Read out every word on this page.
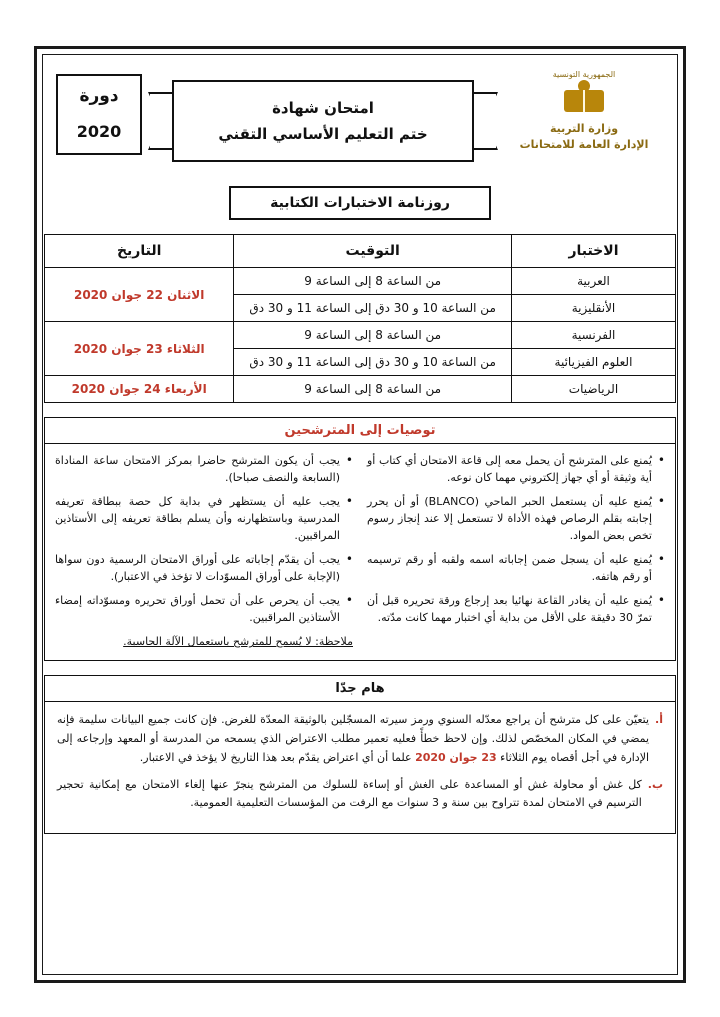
الجمهورية التونسية
وزارة التربية
الإدارة العامة للامتحانات
امتحان شهادة
ختم التعليم الأساسي التقني
دورة
2020
روزنامة الاختبارات الكتابية
الاختبار	التوقيت	التاريخ
العربية	من الساعة 8 إلى الساعة 9	الاثنان 22 جوان 2020
الأنقليزية	من الساعة 10 و 30 دق إلى الساعة 11 و 30 دق	
الفرنسية	من الساعة 8 إلى الساعة 9	الثلاثاء 23 جوان 2020
العلوم الفيزيائية	من الساعة 10 و 30 دق إلى الساعة 11 و 30 دق	
الرياضيات	من الساعة 8 إلى الساعة 9	الأربعاء 24 جوان 2020
توصيات إلى المترشحين
• يُمنع على المترشح أن يحمل معه إلى قاعة الامتحان أي كتاب أو أية وثيقة أو أي جهاز إلكتروني مهما كان نوعه.
• يُمنع عليه أن يستعمل الحبر الماحي (BLANCO) أو أن يحرر إجابته بقلم الرصاص فهذه الأداة لا تستعمل إلا عند إنجاز رسوم تخص بعض المواد.
• يُمنع عليه أن يسجل ضمن إجاباته اسمه ولقبه أو رقم ترسيمه أو رقم هاتفه.
• يُمنع عليه أن يغادر القاعة نهائيا بعد إرجاع ورقة تحريره قبل أن تمرّ 30 دقيقة على الأقل من بداية أي اختبار مهما كانت مدّته.
• يجب أن يكون المترشح حاضرا بمركز الامتحان ساعة المناداة (السابعة والنصف صباحا).
• يجب عليه أن يستظهر في بداية كل حصة ببطاقة تعريفه المدرسية وباستظهارنه وأن يسلم بطاقة تعريفه إلى الأستاذين المراقبين.
• يجب أن يقدّم إجاباته على أوراق الامتحان الرسمية دون سواها (الإجابة على أوراق المسوّدات لا تؤخذ في الاعتبار).
• يجب أن يحرص على أن تحمل أوراق تحريره ومسوّداته إمضاء الأستاذين المراقبين.
ملاحظة: لا يُسمح للمترشح باستعمال الآلة الحاسبة.
هام جدّا
أ.
يتعيّن على كل مترشح أن يراجع معدّله السنوي ورمز سيرته المسجّلين بالوثيقة المعدّة للغرض. فإن كانت جميع البيانات سليمة فإنه يمضي في المكان المخصّص لذلك. وإن لاحظ خطأً فعليه تعمير مطلب الاعتراض الذي يسمحه من المدرسة أو المعهد وإرجاعه إلى الإدارة في أجل أقصاه يوم الثلاثاء 23 جوان 2020 علما أن أي اعتراض يقدّم بعد هذا التاريخ لا يؤخذ في الاعتبار.
ب.
كل غش أو محاولة غش أو المساعدة على الغش أو إساءة للسلوك من المترشح ينجرّ عنها إلغاء الامتحان مع إمكانية تحجير الترسيم في الامتحان لمدة تتراوح بين سنة و 3 سنوات مع الرفت من المؤسسات التعليمية العمومية.
